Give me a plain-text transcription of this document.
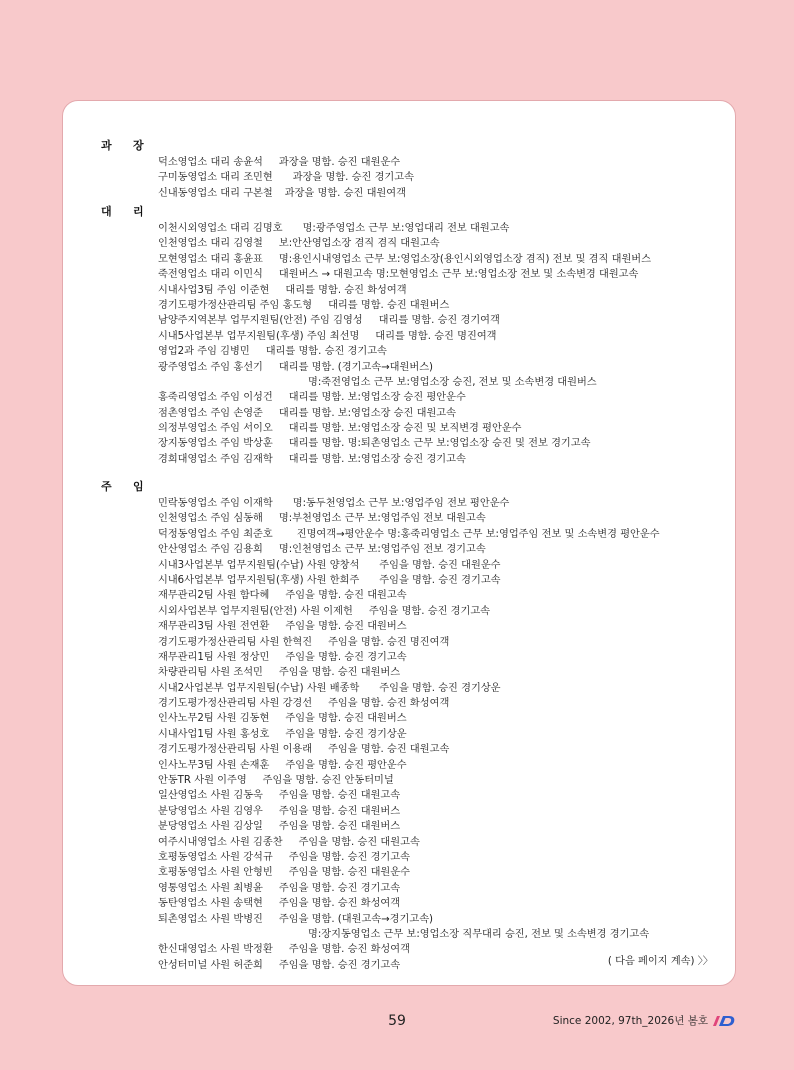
과 장
덕소영업소 대리 송윤석 과장을 명함. 승진 대원운수
구미동영업소 대리 조민현 과장을 명함. 승진 경기고속
신내동영업소 대리 구본철 과장을 명함. 승진 대원여객
대 리
이천시외영업소 대리 김명호 명:광주영업소 근무 보:영업대리 전보 대원고속
인천영업소 대리 김영철 보:안산영업소장 겸직 겸직 대원고속
모현영업소 대리 홍윤표 명:용인시내영업소 근무 보:영업소장(용인시외영업소장 겸직) 전보 및 겸직 대원버스
죽전영업소 대리 이민식 대원버스 → 대원고속 명:모현영업소 근무 보:영업소장 전보 및 소속변경 대원고속
시내사업3팀 주임 이준현 대리를 명함. 승진 화성여객
경기도평가정산관리팀 주임 홍도형 대리를 명함. 승진 대원버스
남양주지역본부 업무지원팀(안전) 주임 김영성 대리를 명함. 승진 경기여객
시내5사업본부 업무지원팀(후생) 주임 최선명 대리를 명함. 승진 명진여객
영업2과 주임 김병민 대리를 명함. 승진 경기고속
광주영업소 주임 홍선기 대리를 명함. (경기고속→대원버스)
명:죽전영업소 근무 보:영업소장 승진, 전보 및 소속변경 대원버스
홍죽리영업소 주임 이성건 대리를 명함. 보:영업소장 승진 평안운수
점촌영업소 주임 손영준 대리를 명함. 보:영업소장 승진 대원고속
의정부영업소 주임 서이오 대리를 명함. 보:영업소장 승진 및 보직변경 평안운수
장지동영업소 주임 박상훈 대리를 명함. 명:퇴촌영업소 근무 보:영업소장 승진 및 전보 경기고속
경희대영업소 주임 김재학 대리를 명함. 보:영업소장 승진 경기고속
주 임
민락동영업소 주임 이재학 명:동두천영업소 근무 보:영업주임 전보 평안운수
인천영업소 주임 심동해 명:부천영업소 근무 보:영업주임 전보 대원고속
덕정동영업소 주임 최준호 진명여객→평안운수 명:홍죽리영업소 근무 보:영업주임 전보 및 소속변경 평안운수
안산영업소 주임 김용희 명:인천영업소 근무 보:영업주임 전보 경기고속
시내3사업본부 업무지원팀(수납) 사원 양창석 주임을 명함. 승진 대원운수
시내6사업본부 업무지원팀(후생) 사원 한희주 주임을 명함. 승진 경기고속
재무관리2팀 사원 함다혜 주임을 명함. 승진 대원고속
시외사업본부 업무지원팀(안전) 사원 이제헌 주임을 명함. 승진 경기고속
재무관리3팀 사원 전연환 주임을 명함. 승진 대원버스
경기도평가정산관리팀 사원 한혁진 주임을 명함. 승진 명진여객
재무관리1팀 사원 정상민 주임을 명함. 승진 경기고속
차량관리팀 사원 조석민 주임을 명함. 승진 대원버스
시내2사업본부 업무지원팀(수납) 사원 배종학 주임을 명함. 승진 경기상운
경기도평가정산관리팀 사원 강경선 주임을 명함. 승진 화성여객
인사노무2팀 사원 김동현 주임을 명함. 승진 대원버스
시내사업1팀 사원 홍성호 주임을 명함. 승진 경기상운
경기도평가정산관리팀 사원 이용래 주임을 명함. 승진 대원고속
인사노무3팀 사원 손재훈 주임을 명함. 승진 평안운수
안동TR 사원 이주영 주임을 명함. 승진 안동터미널
일산영업소 사원 김동욱 주임을 명함. 승진 대원고속
분당영업소 사원 김영우 주임을 명함. 승진 대원버스
분당영업소 사원 김상일 주임을 명함. 승진 대원버스
여주시내영업소 사원 김종찬 주임을 명함. 승진 대원고속
호평동영업소 사원 강석규 주임을 명함. 승진 경기고속
호평동영업소 사원 안형빈 주임을 명함. 승진 대원운수
영통영업소 사원 최병윤 주임을 명함. 승진 경기고속
동탄영업소 사원 송택현 주임을 명함. 승진 화성여객
퇴촌영업소 사원 박병진 주임을 명함. (대원고속→경기고속)
명:장지동영업소 근무 보:영업소장 직무대리 승진, 전보 및 소속변경 경기고속
한신대영업소 사원 박정환 주임을 명함. 승진 화성여객
안성터미널 사원 허준희 주임을 명함. 승진 경기고속	( 다음 페이지 계속) 〉〉
59	Since 2002, 97th_2026년 봄호
